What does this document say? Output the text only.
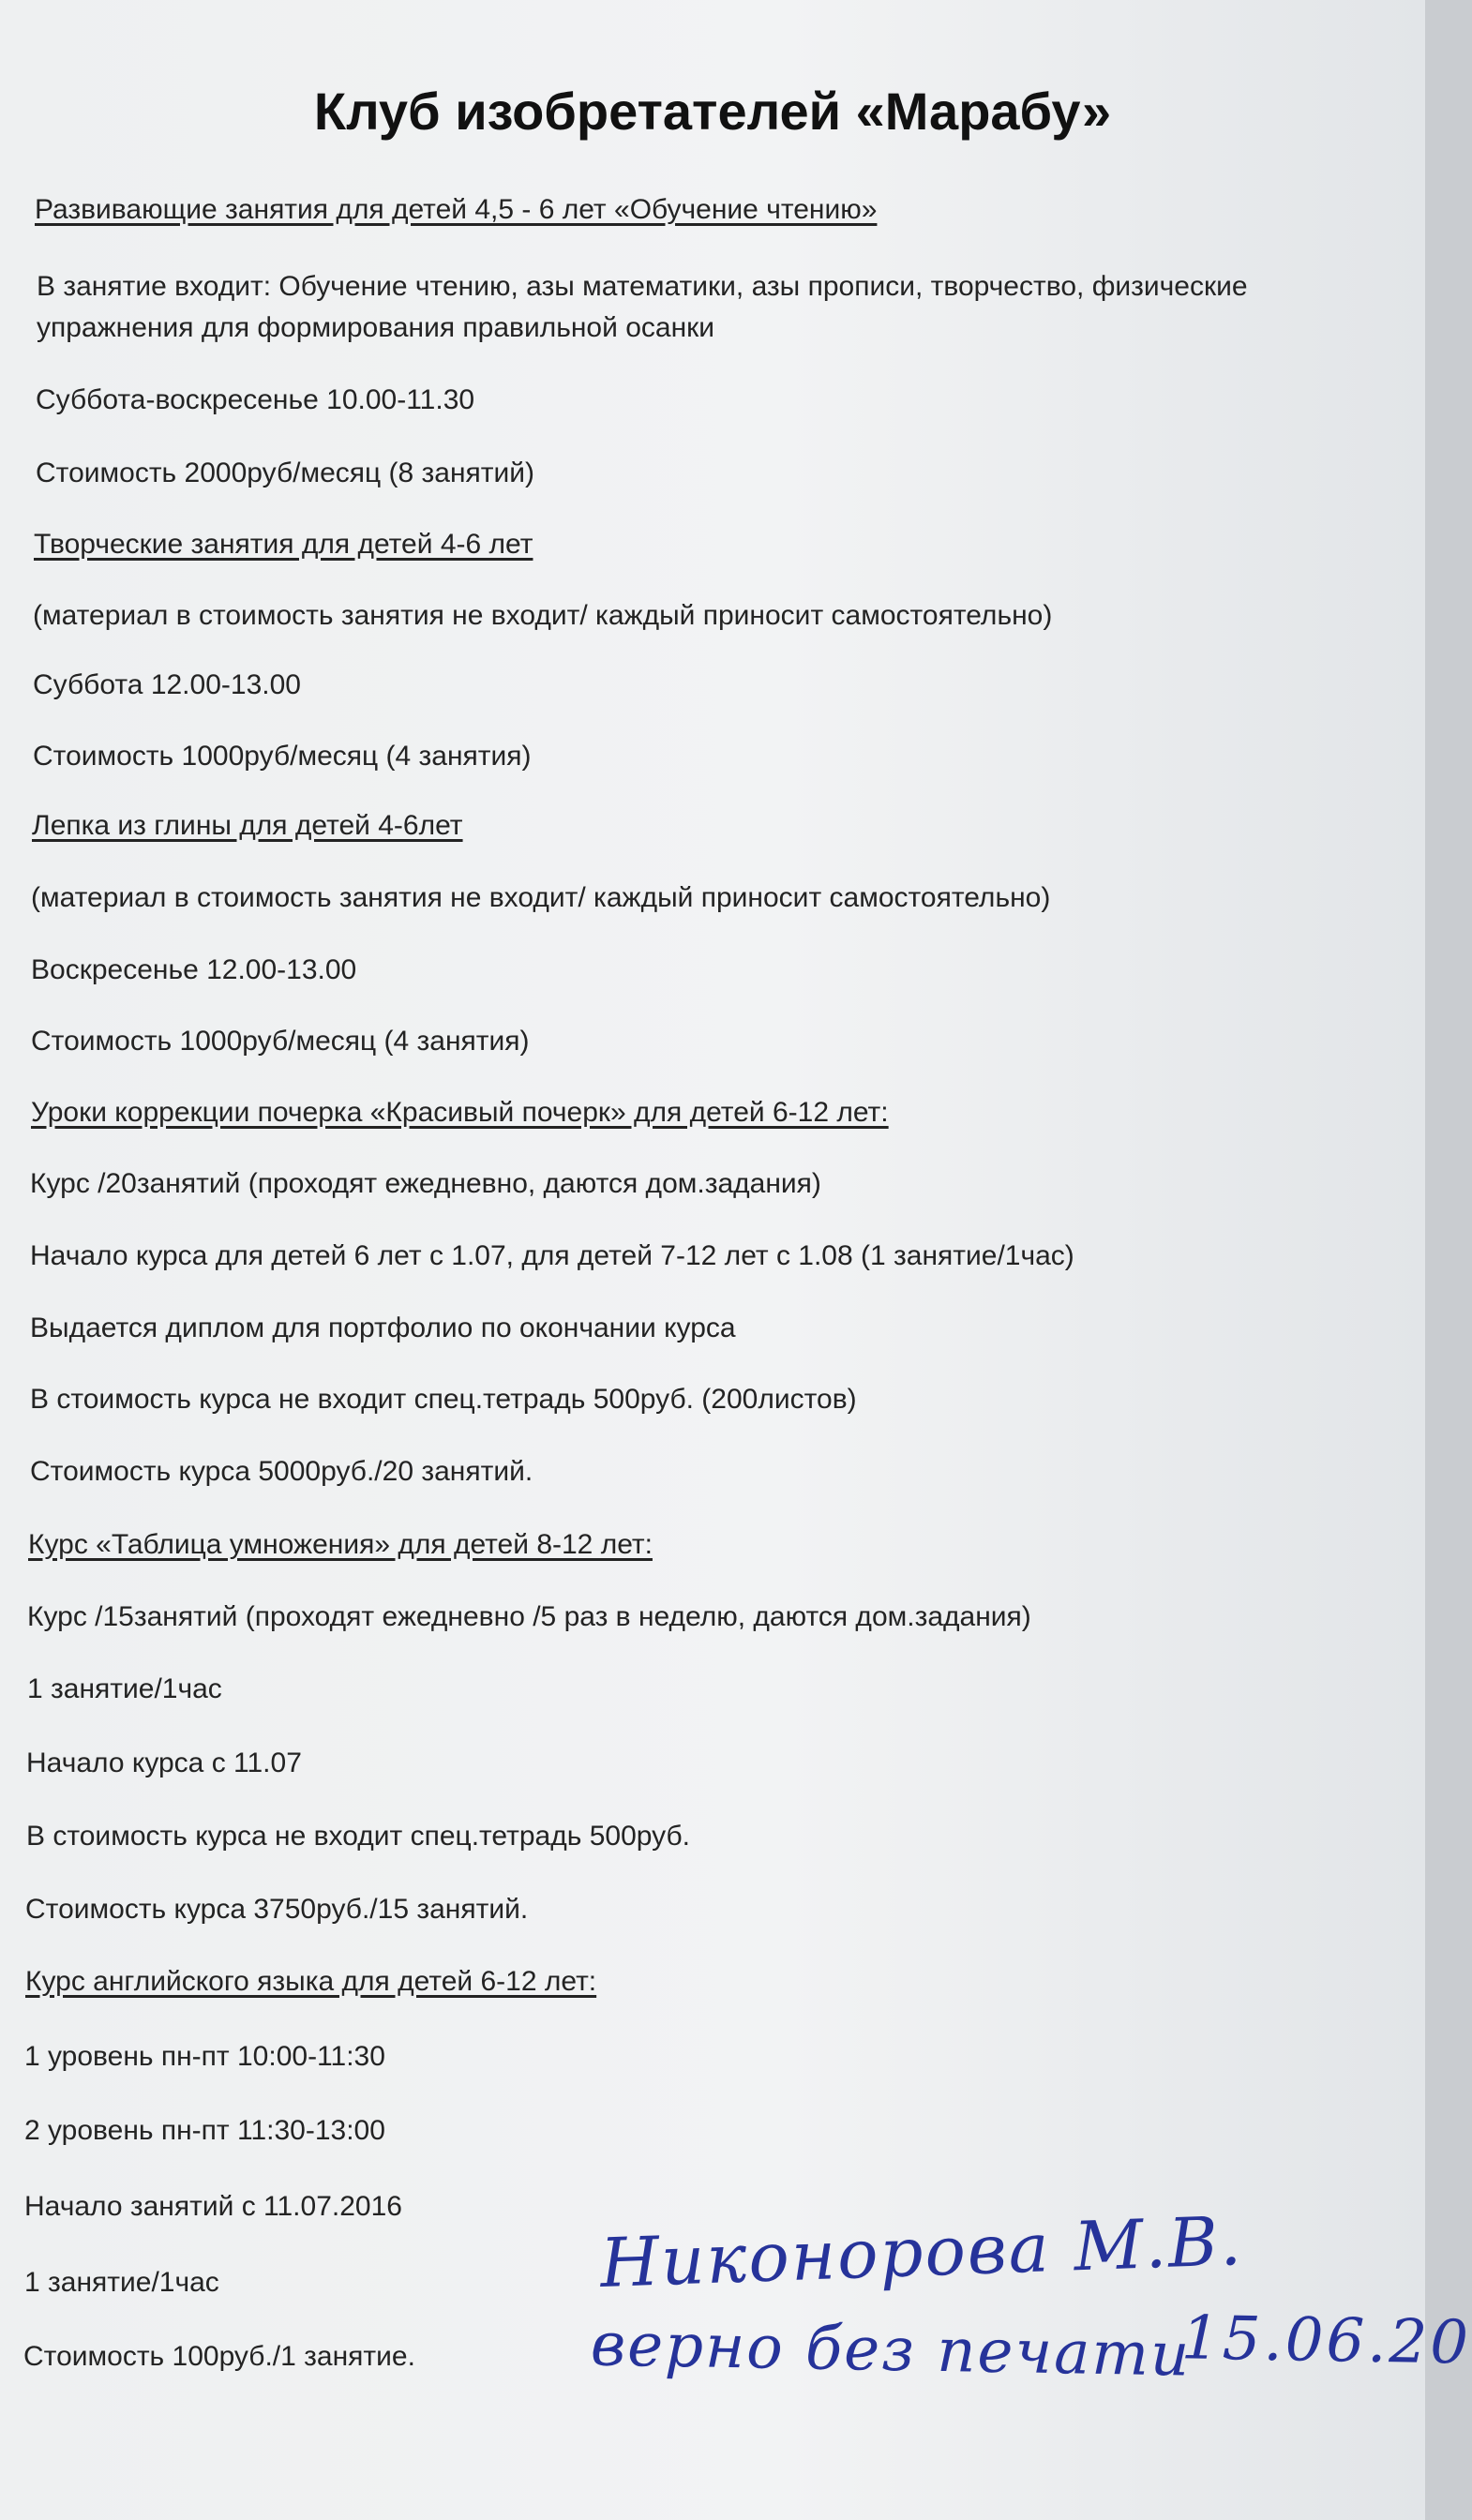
Клуб изобретателей «Марабу»
Развивающие занятия для детей 4,5 - 6 лет «Обучение чтению»
В занятие входит: Обучение чтению, азы математики, азы прописи, творчество, физические
упражнения для формирования правильной осанки
Суббота-воскресенье 10.00-11.30
Стоимость 2000руб/месяц (8 занятий)
Творческие занятия для детей 4-6 лет
(материал в стоимость занятия не входит/ каждый приносит самостоятельно)
Суббота 12.00-13.00
Стоимость 1000руб/месяц (4 занятия)
Лепка из глины для детей 4-6лет
(материал в стоимость занятия не входит/ каждый приносит самостоятельно)
Воскресенье 12.00-13.00
Стоимость 1000руб/месяц (4 занятия)
Уроки коррекции почерка «Красивый почерк» для детей 6-12 лет:
Курс /20занятий (проходят ежедневно, даются дом.задания)
Начало курса для детей 6 лет с 1.07, для детей 7-12 лет с 1.08 (1 занятие/1час)
Выдается диплом для портфолио по окончании курса
В стоимость курса не входит спец.тетрадь 500руб. (200листов)
Стоимость курса 5000руб./20 занятий.
Курс «Таблица умножения» для детей 8-12 лет:
Курс /15занятий (проходят ежедневно /5 раз в неделю, даются дом.задания)
1 занятие/1час
Начало курса с 11.07
В стоимость курса не входит спец.тетрадь 500руб.
Стоимость курса 3750руб./15 занятий.
Курс английского языка для детей 6-12 лет:
1 уровень пн-пт 10:00-11:30
2 уровень пн-пт 11:30-13:00
Начало занятий с 11.07.2016
1 занятие/1час
Стоимость 100руб./1 занятие.
Никонорова М.В.
верно без печати
15.06.20
